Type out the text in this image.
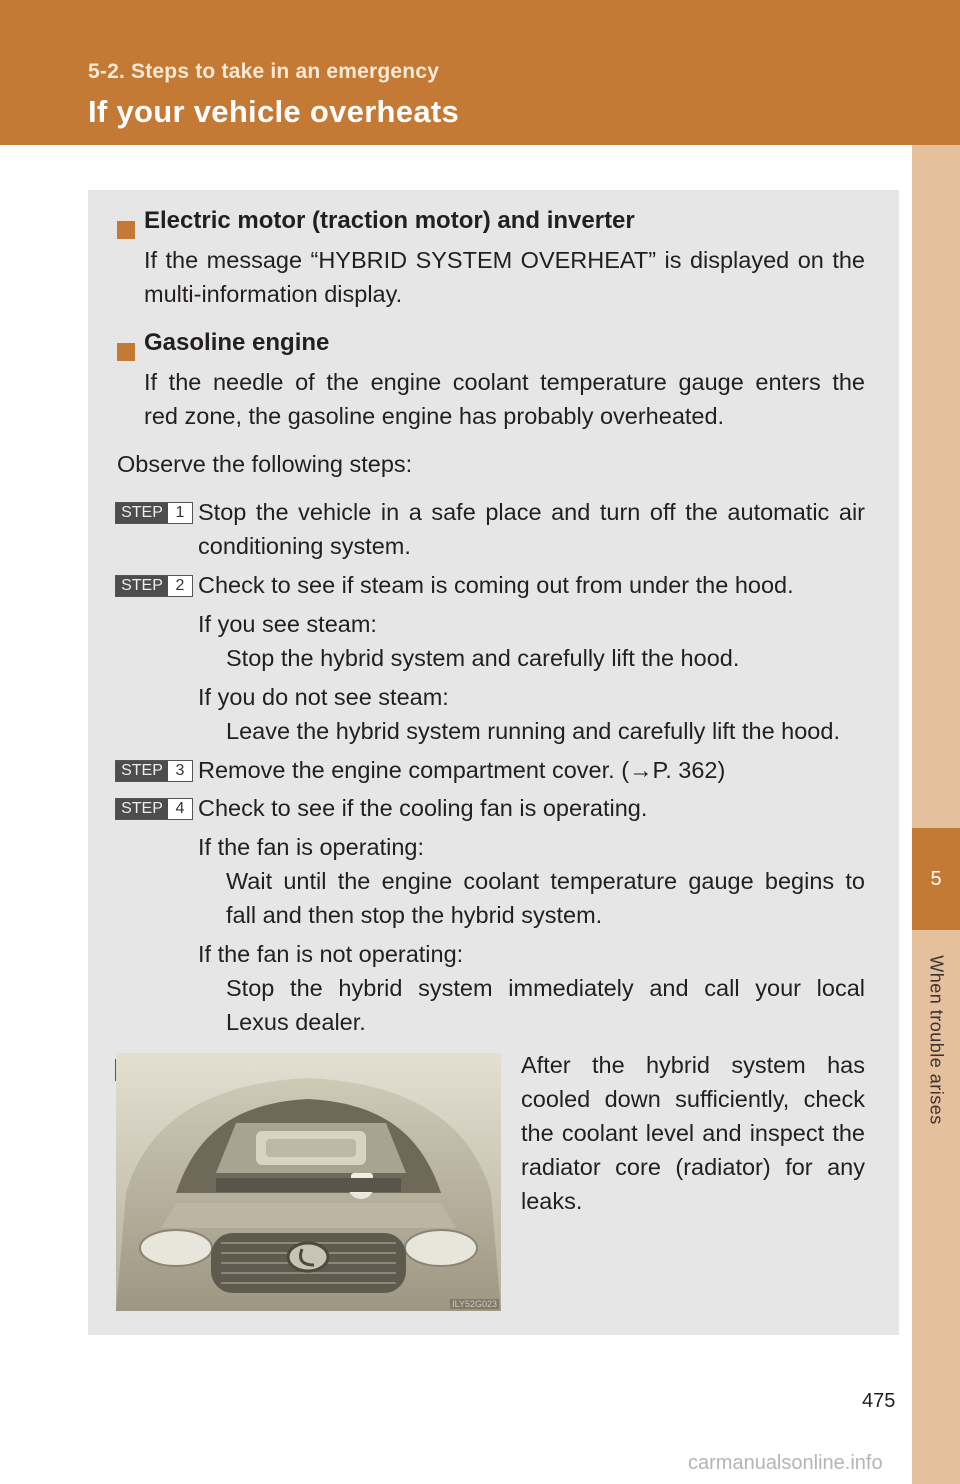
5-2. Steps to take in an emergency
If your vehicle overheats
5
When trouble arises
Electric motor (traction motor) and inverter
If the message “HYBRID SYSTEM OVERHEAT” is displayed on the
multi-information display.
Gasoline engine
If the needle of the engine coolant temperature gauge enters the
red zone, the gasoline engine has probably overheated.
Observe the following steps:
STEP 1 Stop the vehicle in a safe place and turn off the automatic air
conditioning system.
STEP 2 Check to see if steam is coming out from under the hood.
If you see steam:
Stop the hybrid system and carefully lift the hood.
If you do not see steam:
Leave the hybrid system running and carefully lift the hood.
STEP 3 Remove the engine compartment cover. (→P. 362)
STEP 4 Check to see if the cooling fan is operating.
If the fan is operating:
Wait until the engine coolant temperature gauge begins to
fall and then stop the hybrid system.
If the fan is not operating:
Stop the hybrid system immediately and call your local
Lexus dealer.
ILY52G023
After the hybrid system has
cooled down sufficiently, check
the coolant level and inspect the
radiator core (radiator) for any
leaks.
475
carmanualsonline.info
